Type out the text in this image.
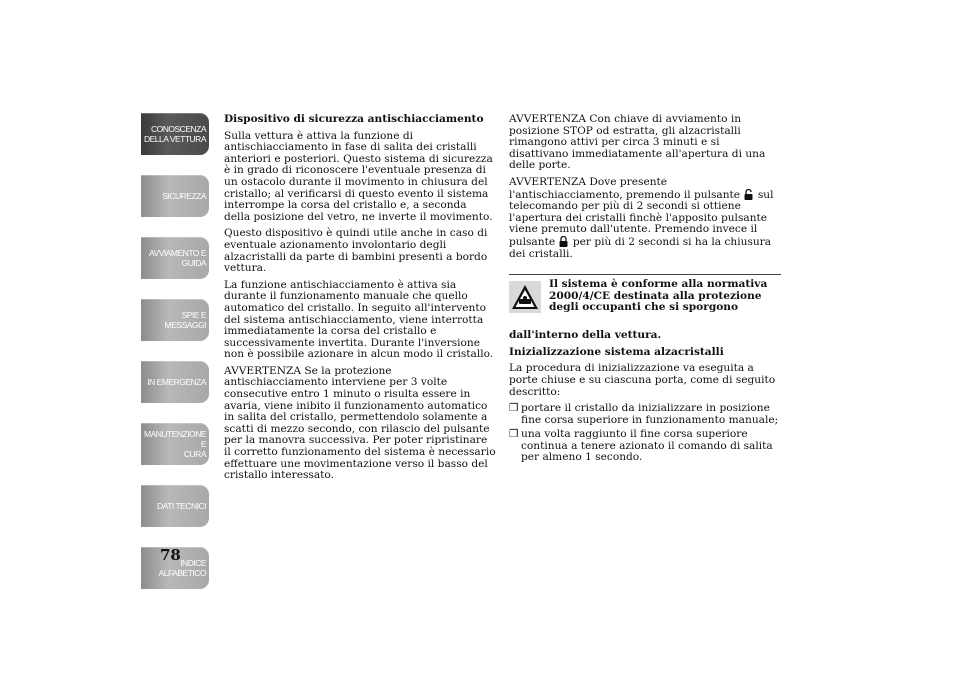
CONOSCENZA
DELLA VETTURA
SICUREZZA
AVVIAMENTO E
GUIDA
SPIE E MESSAGGI
IN EMERGENZA
MANUTENZIONE E
CURA
DATI TECNICI
INDICE
ALFABETICO
78

Dispositivo di sicurezza antischiacciamento

Sulla vettura è attiva la funzione di antischiacciamento in fase di salita dei cristalli anteriori e posteriori. Questo sistema di sicurezza è in grado di riconoscere l'eventuale presenza di un ostacolo durante il movimento in chiusura del cristallo; al verificarsi di questo evento il sistema interrompe la corsa del cristallo e, a seconda della posizione del vetro, ne inverte il movimento.

Questo dispositivo è quindi utile anche in caso di eventuale azionamento involontario degli alzacristalli da parte di bambini presenti a bordo vettura.

La funzione antischiacciamento è attiva sia durante il funzionamento manuale che quello automatico del cristallo. In seguito all'intervento del sistema antischiacciamento, viene interrotta immediatamente la corsa del cristallo e successivamente invertita. Durante l'inversione non è possibile azionare in alcun modo il cristallo.

AVVERTENZA Se la protezione antischiacciamento interviene per 3 volte consecutive entro 1 minuto o risulta essere in avaria, viene inibito il funzionamento automatico in salita del cristallo, permettendolo solamente a scatti di mezzo secondo, con rilascio del pulsante per la manovra successiva. Per poter ripristinare il corretto funzionamento del sistema è necessario effettuare une movimentazione verso il basso del cristallo interessato.

AVVERTENZA Con chiave di avviamento in posizione STOP od estratta, gli alzacristalli rimangono attivi per circa 3 minuti e si disattivano immediatamente all'apertura di una delle porte.

AVVERTENZA Dove presente l'antischiacciamento, premendo il pulsante sul telecomando per più di 2 secondi si ottiene l'apertura dei cristalli finchè l'apposito pulsante viene premuto dall'utente. Premendo invece il pulsante per più di 2 secondi si ha la chiusura dei cristalli.

Il sistema è conforme alla normativa 2000/4/CE destinata alla protezione degli occupanti che si sporgono

dall'interno della vettura.

Inizializzazione sistema alzacristalli

La procedura di inizializzazione va eseguita a porte chiuse e su ciascuna porta, come di seguito descritto:

❒ portare il cristallo da inizializzare in posizione fine corsa superiore in funzionamento manuale;
❒ una volta raggiunto il fine corsa superiore continua a tenere azionato il comando di salita per almeno 1 secondo.
